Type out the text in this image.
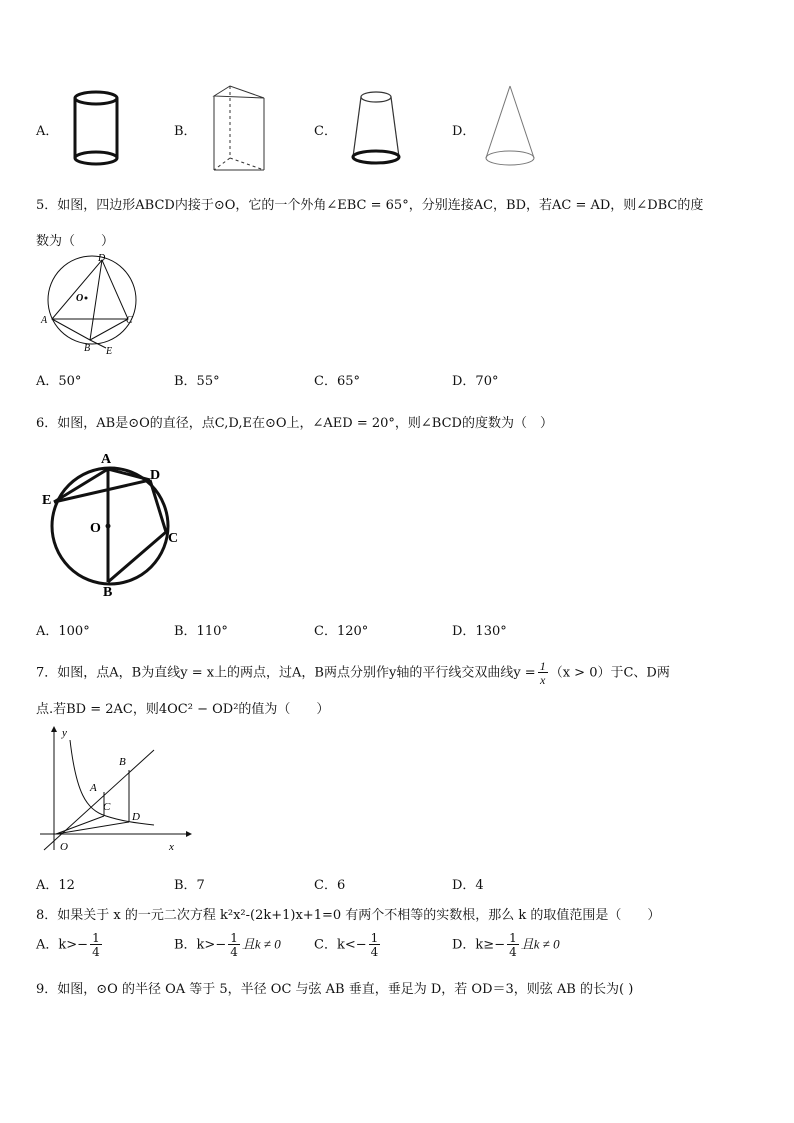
A．	B．	C．	D．
5．如图，四边形ABCD内接于⊙O，它的一个外角∠EBC = 65°，分别连接AC，BD，若AC = AD，则∠DBC的度
数为（　　）
D
O
A	C
B E
A．50°	B．55°	C．65°	D．70°
6．如图，AB是⊙O的直径，点C,D,E在⊙O上，∠AED = 20°，则∠BCD的度数为（　）
A
D
E
O
C
B
A．100°	B．110°	C．120°	D．130°
7．如图，点A，B为直线y = x上的两点，过A，B两点分别作y轴的平行线交双曲线$y = \frac{1}{x} (x > 0)$于C、D两
点.若BD = 2AC，则4OC² − OD²的值为（　　）
y
x
O
A
B
C
D
A．12	B．7	C．6	D．4
8．如果关于 x 的一元二次方程 k²x²-(2k+1)x+1=0 有两个不相等的实数根，那么 k 的取值范围是（　　）
A．$k>- \frac{1}{4}$	B．$k>- \frac{1}{4}$ 且k ≠ 0	C．$k<- \frac{1}{4}$	D．$k\ge- \frac{1}{4}$ 且k ≠ 0
9．如图，⊙O 的半径 OA 等于 5，半径 OC 与弦 AB 垂直，垂足为 D，若 OD＝3，则弦 AB 的长为( )
